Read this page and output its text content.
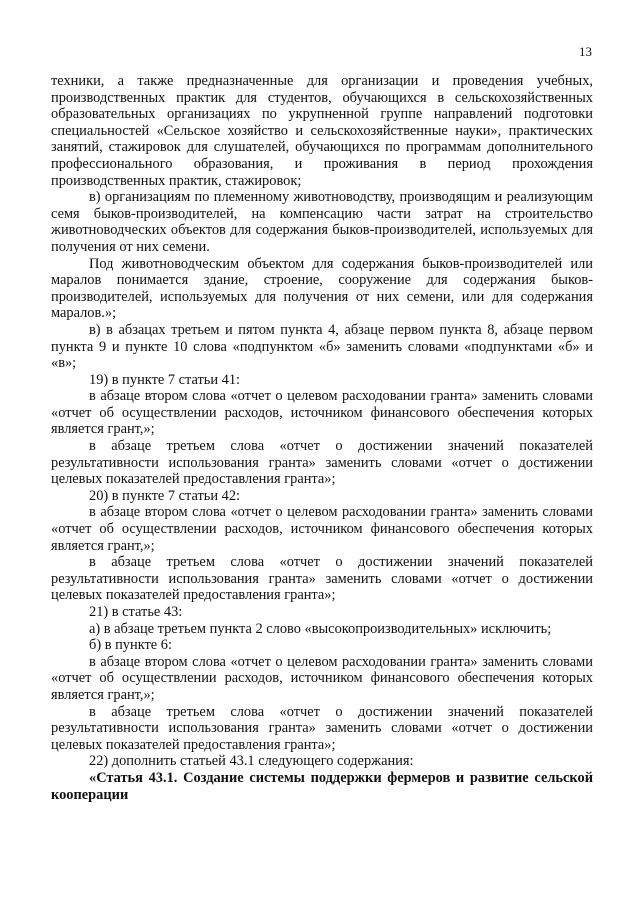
13

техники, а также предназначенные для организации и проведения учебных, производственных практик для студентов, обучающихся в сельскохозяйственных образовательных организациях по укрупненной группе направлений подготовки специальностей «Сельское хозяйство и сельскохозяйственные науки», практических занятий, стажировок для слушателей, обучающихся по программам дополнительного профессионального образования, и проживания в период прохождения производственных практик, стажировок;

в) организациям по племенному животноводству, производящим и реализующим семя быков-производителей, на компенсацию части затрат на строительство животноводческих объектов для содержания быков-производителей, используемых для получения от них семени.

Под животноводческим объектом для содержания быков-производителей или маралов понимается здание, строение, сооружение для содержания быков-производителей, используемых для получения от них семени, или для содержания маралов.»;

в) в абзацах третьем и пятом пункта 4, абзаце первом пункта 8, абзаце первом пункта 9 и пункте 10 слова «подпунктом «б» заменить словами «подпунктами «б» и «в»;

19) в пункте 7 статьи 41:

в абзаце втором слова «отчет о целевом расходовании гранта» заменить словами «отчет об осуществлении расходов, источником финансового обеспечения которых является грант,»;

в абзаце третьем слова «отчет о достижении значений показателей результативности использования гранта» заменить словами «отчет о достижении целевых показателей предоставления гранта»;

20) в пункте 7 статьи 42:

в абзаце втором слова «отчет о целевом расходовании гранта» заменить словами «отчет об осуществлении расходов, источником финансового обеспечения которых является грант,»;

в абзаце третьем слова «отчет о достижении значений показателей результативности использования гранта» заменить словами «отчет о достижении целевых показателей предоставления гранта»;

21) в статье 43:

а) в абзаце третьем пункта 2 слово «высокопроизводительных» исключить;

б) в пункте 6:

в абзаце втором слова «отчет о целевом расходовании гранта» заменить словами «отчет об осуществлении расходов, источником финансового обеспечения которых является грант,»;

в абзаце третьем слова «отчет о достижении значений показателей результативности использования гранта» заменить словами «отчет о достижении целевых показателей предоставления гранта»;

22) дополнить статьей 43.1 следующего содержания:

«Статья 43.1. Создание системы поддержки фермеров и развитие сельской кооперации
